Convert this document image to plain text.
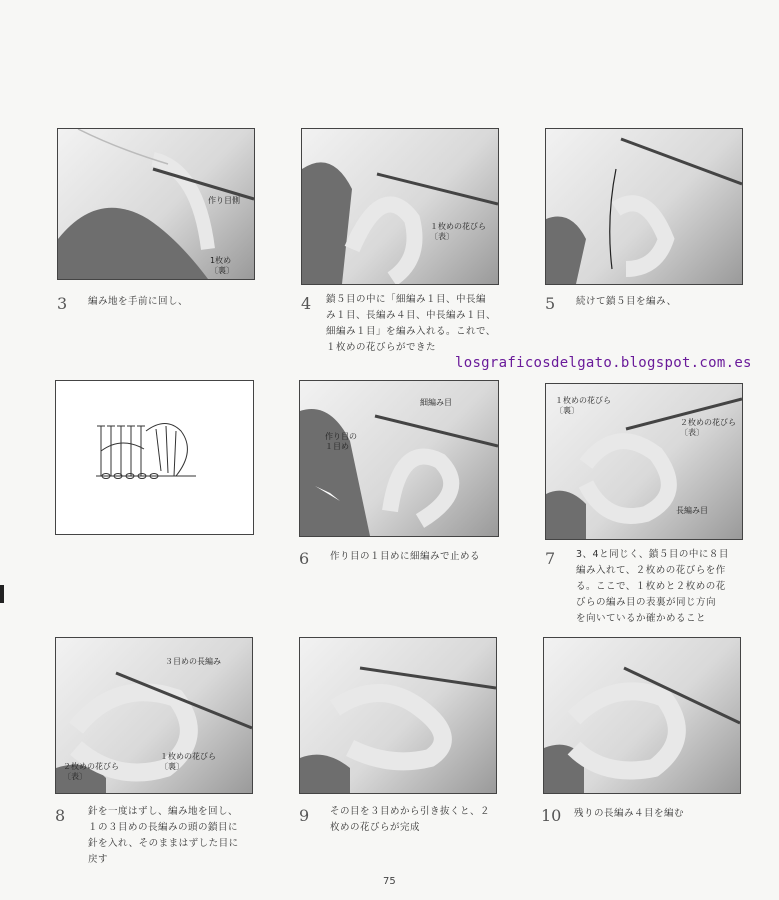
作り目側
1枚め
〔裏〕
１枚めの花びら
〔表〕
3 編み地を手前に回し、	4 鎖５目の中に「細編み１目、中長編
み１目、長編み４目、中長編み１目、
細編み１目」を編み入れる。これで、
１枚めの花びらができた
5 続けて鎖５目を編み、
losgraficosdelgato.blogspot.com.es
細編み目
作り目の
１目め
１枚めの花びら
〔裏〕
２枚めの花びら
〔表〕
長編み目
6 作り目の１目めに細編みで止める	7 3、4と同じく、鎖５目の中に８目
編み入れて、２枚めの花びらを作
る。ここで、１枚めと２枚めの花
びらの編み目の表裏が同じ方向
を向いているか確かめること
３目めの長編み
２枚めの花びら
〔表〕
１枚めの花びら
〔裏〕
8 針を一度はずし、編み地を回し、
１の３目めの長編みの頭の鎖目に
針を入れ、そのままはずした目に
戻す
9 その目を３目めから引き抜くと、２
枚めの花びらが完成
10 残りの長編み４目を編む
75
